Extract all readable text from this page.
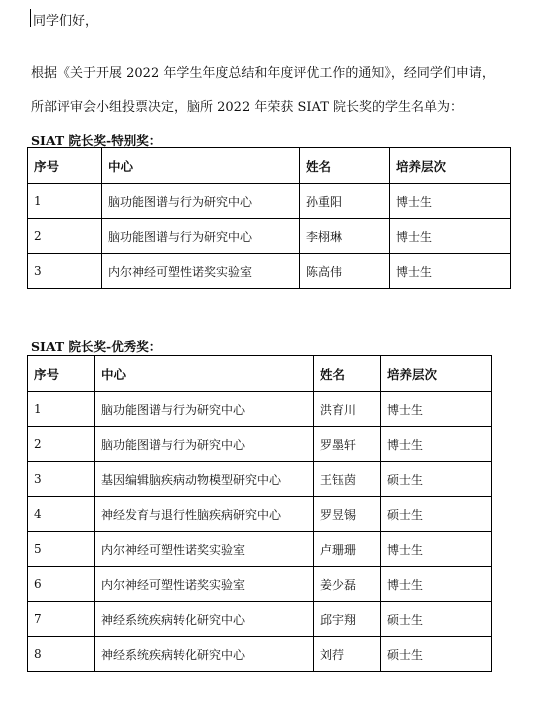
同学们好，
根据《关于开展 2022 年学生年度总结和年度评优工作的通知》，经同学们申请，
所部评审会小组投票决定，脑所 2022 年荣获 SIAT 院长奖的学生名单为：
SIAT 院长奖-特别奖：
序号	中心	姓名	培养层次
1	脑功能图谱与行为研究中心	孙重阳	博士生
2	脑功能图谱与行为研究中心	李栩琳	博士生
3	内尔神经可塑性诺奖实验室	陈高伟	博士生
SIAT 院长奖-优秀奖：
序号	中心	姓名	培养层次
1	脑功能图谱与行为研究中心	洪育川	博士生
2	脑功能图谱与行为研究中心	罗墨轩	博士生
3	基因编辑脑疾病动物模型研究中心	王钰茵	硕士生
4	神经发育与退行性脑疾病研究中心	罗昱锡	硕士生
5	内尔神经可塑性诺奖实验室	卢珊珊	博士生
6	内尔神经可塑性诺奖实验室	姜少磊	博士生
7	神经系统疾病转化研究中心	邱宇翔	硕士生
8	神经系统疾病转化研究中心	刘荇	硕士生
